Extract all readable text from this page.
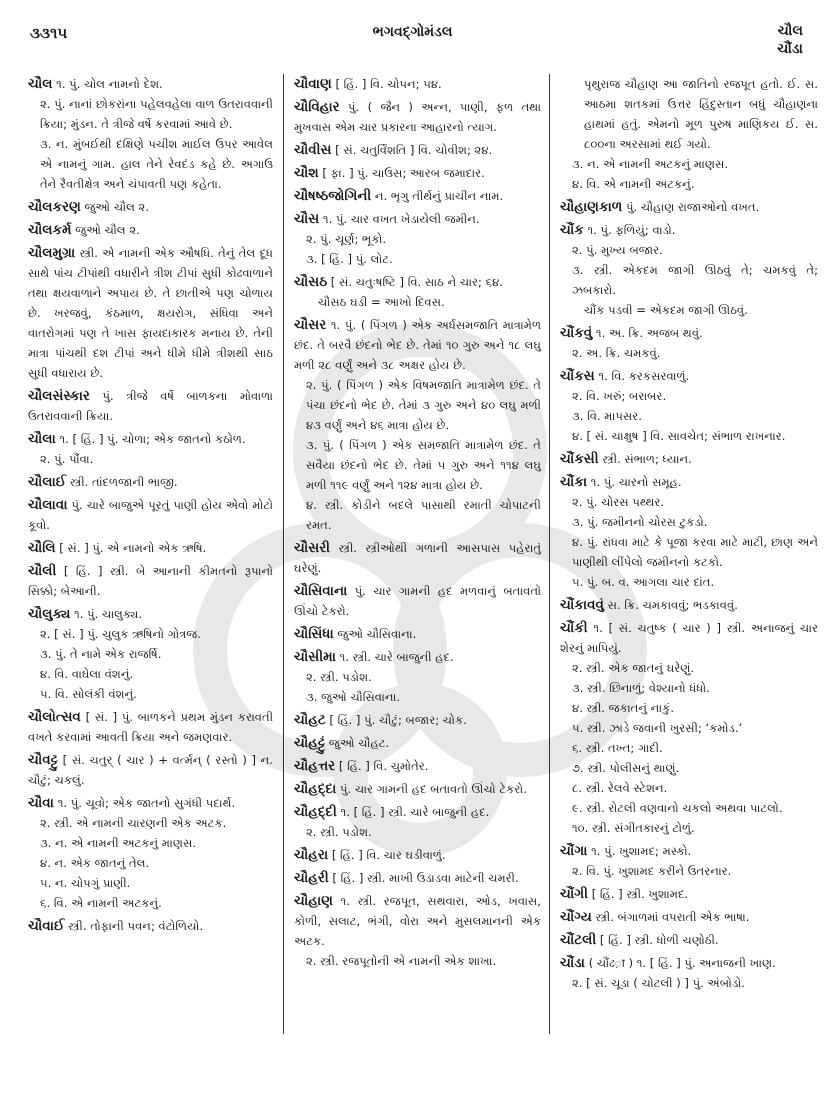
૩૩૧૫	ભગવદ્ગોમંડલ	ચૌલ
ચૌંડા
ચૌલ ૧. પું. ચોલ નામનો દેશ.
૨. પું. નાનાં છોકરાંના પહેલવહેલા વાળ ઉતરાવવાની ક્રિયા; મુંડન. તે ત્રીજે વર્ષે કરવામાં આવે છે.
૩. ન. મુંબઈથી દક્ષિણે પચીશ માઈલ ઉપર આવેલ એ નામનું ગામ. હાલ તેને રેવદંડ કહે છે. અગાઉ તેને રૈવતીક્ષેત્ર અને ચંપાવતી પણ કહેતા.
ચૌલકરણ જુઓ ચૌલ ૨.
ચૌલકર્મ જુઓ ચૌલ ૨.
ચૌલમુગ્રા સ્ત્રી. એ નામની એક ઔષધિ. તેનું તેલ દૂધ સાથે પાંચ ટીપાંથી વધારીને ત્રીશ ટીપાં સુધી કોઢવાળાને તથા ક્ષયવાળાને અપાય છે. તે છાતીએ પણ ચોળાય છે. ખરજવું, કંઠમાળ, ક્ષયરોગ, સંધિવા અને વાતરોગમાં પણ તે ખાસ ફાયદાકારક મનાય છે. તેની માત્રા પાંચથી દશ ટીપાં અને ધીમે ધીમે ત્રીશથી સાઠ સુધી વધારાય છે.
ચૌલસંસ્કાર પું. ત્રીજે વર્ષે બાળકના મોવાળા ઉતરાવવાની ક્રિયા.
ચૌલા ૧. [ હિં. ] પું. ચોળા; એક જાતનો કઠોળ.
૨. પું. પૌંવા.
ચૌલાઈ સ્ત્રી. તાંદળજાની ભાજી.
ચૌલાવા પું. ચારે બાજુએ પૂરતું પાણી હોય એવો મોટો કૂવો.
ચૌલિ [ સં. ] પું. એ નામનો એક ઋષિ.
ચૌલી [ હિં. ] સ્ત્રી. બે આનાની કીમતનો રૂપાનો સિક્કો; બેઆની.
ચૌલુક્ય ૧. પું. ચાલુક્ય.
૨. [ સં. ] પું. ચુલુક ઋષિનો ગોત્રજ.
૩. પું. તે નામે એક રાજર્ષિ.
૪. વિ. વાઘેલા વંશનું.
૫. વિ. સોલંકી વંશનું.
ચૌલોત્સવ [ સં. ] પું. બાળકને પ્રથમ મુંડન કરાવતી વખતે કરવામાં આવતી ક્રિયા અને જમણવાર.
ચૌવટ્ટુ [ સં. ચતુર્ ( ચાર ) + વર્ત્મન્ ( રસ્તો ) ] ન. ચૌટું; ચકલું.
ચૌવા ૧. પું. ચૂવો; એક જાતનો સુગંધી પદાર્થ.
૨. સ્ત્રી. એ નામની ચારણની એક અટક.
૩. ન. એ નામની અટકનું માણસ.
૪. ન. એક જાતનું તેલ.
૫. ન. ચોપગું પ્રાણી.
૬. વિ. એ નામની અટકનું.
ચૌવાઈ સ્ત્રી. તોફાની પવન; વંટોળિયો.
ચૌવાણ [ હિં. ] વિ. ચોપન; ૫૪.
ચૌવિહાર પું. ( જૈન ) અન્ન, પાણી, ફળ તથા મુખવાસ એમ ચાર પ્રકારના આહારનો ત્યાગ.
ચૌવીસ [ સં. ચતુર્વિંશતિ ] વિ. ચોવીશ; ૨૪.
ચૌશ [ ફા. ] પું. ચાઉસ; આરબ જમાદાર.
ચૌષષ્ઠજોગિની ન. ભૃગુ તીર્થનું પ્રાચીન નામ.
ચૌસ ૧. પું. ચાર વખત ખેડાયેલી જમીન.
૨. પું. ચૂર્ણ; ભૂકો.
૩. [ હિં. ] પું. લોટ.
ચૌસઠ [ સં. ચતુઃષષ્ટિ ] વિ. સાઠ ને ચાર; ૬૪.
ચૌસઠ ઘડી = આખો દિવસ.
ચૌસર ૧. પું. ( પિંગળ ) એક અર્ધસમજાતિ માત્રામેળ છંદ. તે બરવૈ છંદનો ભેદ છે. તેમાં ૧૦ ગુરુ અને ૧૮ લઘુ મળી ૨૮ વર્ણું અને ૩૮ અક્ષર હોય છે.
૨. પું. ( પિંગળ ) એક વિષમજાતિ માત્રામેળ છંદ. તે પંચા છંદનો ભેદ છે. તેમાં ૩ ગુરુ અને ૪૦ લઘુ મળી ૪૩ વર્ણું અને ૪૬ માત્રા હોય છે.
૩. પું. ( પિંગળ ) એક સમજાતિ માત્રામેળ છંદ. તે સવૈયા છંદનો ભેદ છે. તેમાં ૫ ગુરુ અને ૧૧૪ લઘુ મળી ૧૧૯ વર્ણું અને ૧૨૪ માત્રા હોય છે.
૪. સ્ત્રી. કોડીને બદલે પાસાથી રમાતી ચોપાટની રમત.
ચૌસરી સ્ત્રી. સ્ત્રીઓથી ગળાની આસપાસ પહેરાતું ઘરેણું.
ચૌસિવાના પું. ચાર ગામની હદ મળવાનું બતાવતો ઊંચો ટેકરો.
ચૌસિંધા જુઓ ચૌસિવાના.
ચૌસીમા ૧. સ્ત્રી. ચારે બાજુની હદ.
૨. સ્ત્રી. પડોશ.
૩. જુઓ ચૌસિવાના.
ચૌહટ [ હિં. ] પું. ચૌટું; બજાર; ચોક.
ચૌહટ્ટું જુઓ ચૌહટ.
ચૌહત્તર [ હિં. ] વિ. ચુમોતેર.
ચૌહદ્દા પું. ચાર ગામની હદ બતાવતો ઊંચો ટેકરો.
ચૌહદ્દી ૧. [ હિં. ] સ્ત્રી. ચારે બાજુની હદ.
૨. સ્ત્રી. પડોશ.
ચૌહરા [ હિં. ] વિ. ચાર ઘડીવાળું.
ચૌહરી [ હિં. ] સ્ત્રી. માખી ઉડાડવા માટેની ચમરી.
ચૌહાણ ૧. સ્ત્રી. રજપૂત, સથવારા, ઓડ, ખવાસ, કોળી, સલાટ, ભંગી, વોરા અને મુસલમાનની એક અટક.
૨. સ્ત્રી. રજપૂતોની એ નામની એક શાખા.
પૃથુરાજ ચૌહાણ આ જાતિનો રજપૂત હતો. ઈ. સ. આઠમા શતકમાં ઉત્તર હિંદુસ્તાન બધું ચૌહાણના હાથમાં હતું. એમનો મૂળ પુરુષ માણિકય ઈ. સ. ૮૦૦ના અરસામાં થઈ ગયો.
૩. ન. એ નામની અટકનું માણસ.
૪. વિ. એ નામની અટકનું.
ચૌહાણકાળ પું. ચૌહાણ રાજાઓનો વખત.
ચૌંક ૧. પું. ફળિયું; વાડો.
૨. પું. મુખ્ય બજાર.
૩. સ્ત્રી. એકદમ જાગી ઊઠવું તે; ચમકવું તે; ઝબકારો.
ચૌંક પડવી = એકદમ જાગી ઊઠવું.
ચૌંકવું ૧. અ. ક્રિ. અજબ થવું.
૨. અ. ક્રિ. ચમકવું.
ચૌંકસ ૧. વિ. કરકસરવાળું.
૨. વિ. ખરું; બરાબર.
૩. વિ. માપસર.
૪. [ સં. ચાક્ષુષ ] વિ. સાવચેત; સંભાળ રાખનાર.
ચૌંકસી સ્ત્રી. સંભાળ; ધ્યાન.
ચૌંકા ૧. પું. ચારનો સમૂહ.
૨. પું. ચોરસ પથ્થર.
૩. પું. જમીનનો ચોરસ ટુકડો.
૪. પું. રાંધવા માટે કે પૂજા કરવા માટે માટી, છાણ અને પાણીથી લીંપેલો જમીનનો કટકો.
૫. પું. બ. વ. આગલા ચાર દાંત.
ચૌંકાવવું સ. ક્રિ. ચમકાવવું; ભડકાવવું.
ચૌંકી ૧. [ સં. ચતુષ્ક ( ચાર ) ] સ્ત્રી. અનાજનું ચાર શેરનું માપિયું.
૨. સ્ત્રી. એક જાતનું ઘરેણું.
૩. સ્ત્રી. છિનાળું; વેશ્યાનો ધંધો.
૪. સ્ત્રી. જકાતનું નાકું.
૫. સ્ત્રી. ઝાડે જવાની ખુરસી; ‘કમોડ.’
૬. સ્ત્રી. તખ્ત; ગાદી.
૭. સ્ત્રી. પોલીસનું થાણું.
૮. સ્ત્રી. રેલવે સ્ટેશન.
૯. સ્ત્રી. રોટલી વણવાનો ચકલો અથવા પાટલો.
૧૦. સ્ત્રી. સંગીતકારનું ટોળું.
ચૌંગા ૧. પું. ખુશામદ; મસ્કો.
૨. વિ. પું. ખુશામદ કરીને ઉતરનાર.
ચૌંગી [ હિં. ] સ્ત્રી. ખુશામદ.
ચૌંગ્ય સ્ત્રી. બંગાળમાં વપરાતી એક ભાષા.
ચૌંટલી [ હિં. ] સ્ત્રી. ધોળી ચણોઠી.
ચૌંડા ( ચૌંઢ़ा ) ૧. [ હિં. ] પું. અનાજની ખાણ.
૨. [ સં. ચૂડા ( ચોટલી ) ] પું. અંબોડો.
